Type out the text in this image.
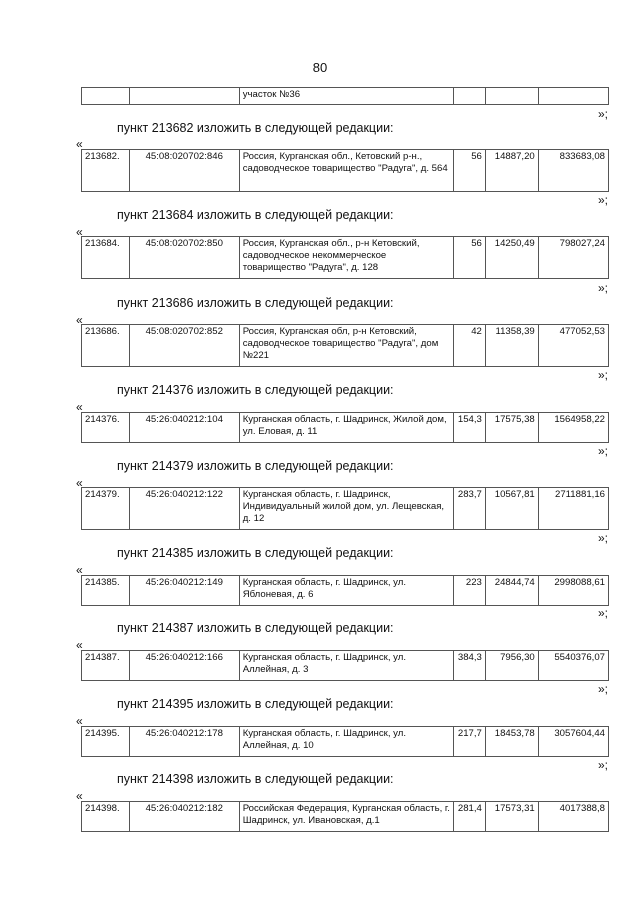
80
		участок №36			
»;
пункт 213682 изложить в следующей редакции:
«
213682.	45:08:020702:846	Россия, Курганская обл., Кетовский р-н., садоводческое товарищество "Радуга", д. 564	56	14887,20	833683,08
»;
пункт 213684 изложить в следующей редакции:
«
213684.	45:08:020702:850	Россия, Курганская обл., р-н Кетовский, садоводческое некоммерческое товарищество "Радуга", д. 128	56	14250,49	798027,24
»;
пункт 213686 изложить в следующей редакции:
«
213686.	45:08:020702:852	Россия, Курганская обл, р-н Кетовский, садоводческое товарищество "Радуга", дом №221	42	11358,39	477052,53
»;
пункт 214376 изложить в следующей редакции:
«
214376.	45:26:040212:104	Курганская область, г. Шадринск, Жилой дом, ул. Еловая, д. 11	154,3	17575,38	1564958,22
»;
пункт 214379 изложить в следующей редакции:
«
214379.	45:26:040212:122	Курганская область, г. Шадринск, Индивидуальный жилой дом, ул. Лещевская, д. 12	283,7	10567,81	2711881,16
»;
пункт 214385 изложить в следующей редакции:
«
214385.	45:26:040212:149	Курганская область, г. Шадринск, ул. Яблоневая, д. 6	223	24844,74	2998088,61
»;
пункт 214387 изложить в следующей редакции:
«
214387.	45:26:040212:166	Курганская область, г. Шадринск, ул. Аллейная, д. 3	384,3	7956,30	5540376,07
»;
пункт 214395 изложить в следующей редакции:
«
214395.	45:26:040212:178	Курганская область, г. Шадринск, ул. Аллейная, д. 10	217,7	18453,78	3057604,44
»;
пункт 214398 изложить в следующей редакции:
«
214398.	45:26:040212:182	Российская Федерация, Курганская область, г. Шадринск, ул. Ивановская, д.1	281,4	17573,31	4017388,8
